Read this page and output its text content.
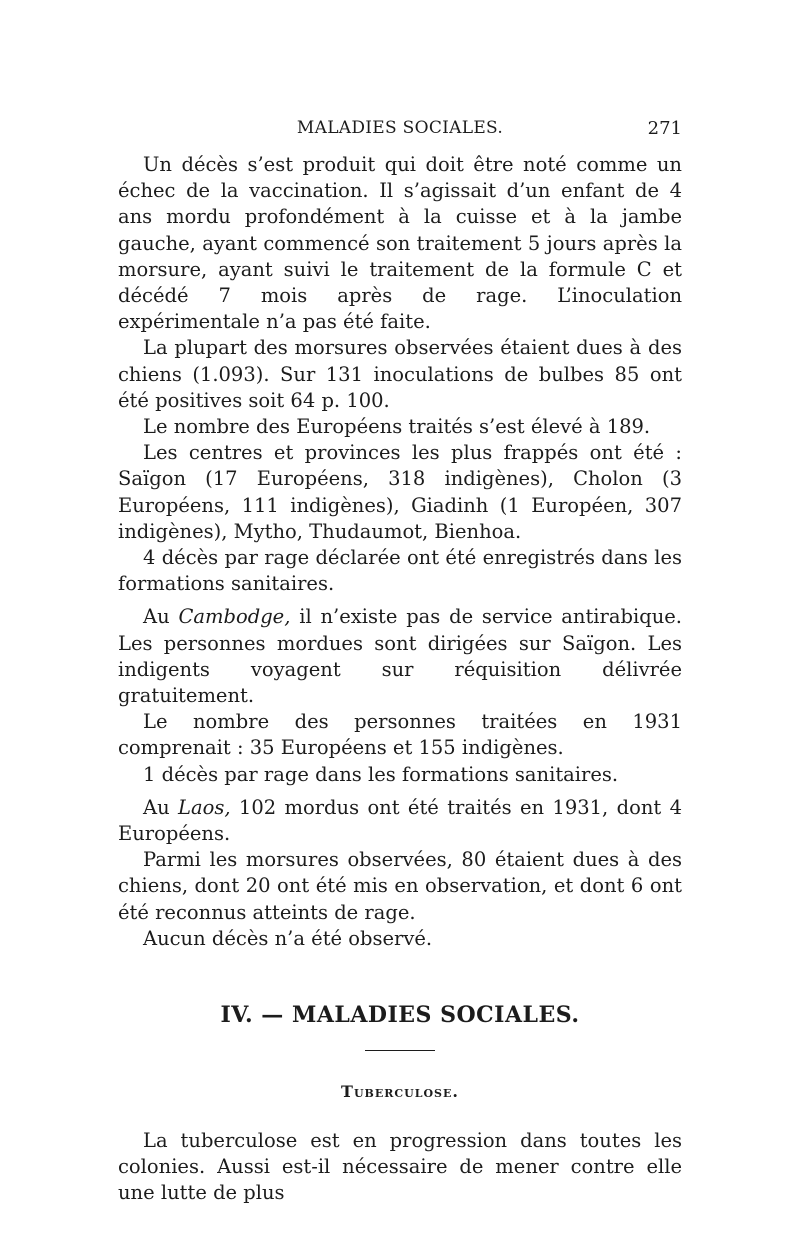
MALADIES SOCIALES.	271

Un décès s’est produit qui doit être noté comme un échec de la vaccination. Il s’agissait d’un enfant de 4 ans mordu profondément à la cuisse et à la jambe gauche, ayant commencé son traitement 5 jours après la morsure, ayant suivi le traitement de la formule C et décédé 7 mois après de rage. L’inoculation expérimentale n’a pas été faite.

La plupart des morsures observées étaient dues à des chiens (1.093). Sur 131 inoculations de bulbes 85 ont été positives soit 64 p. 100.

Le nombre des Européens traités s’est élevé à 189.

Les centres et provinces les plus frappés ont été : Saïgon (17 Européens, 318 indigènes), Cholon (3 Européens, 111 indigènes), Giadinh (1 Européen, 307 indigènes), Mytho, Thudaumot, Bienhoa.

4 décès par rage déclarée ont été enregistrés dans les formations sanitaires.

Au Cambodge, il n’existe pas de service antirabique. Les personnes mordues sont dirigées sur Saïgon. Les indigents voyagent sur réquisition délivrée gratuitement.

Le nombre des personnes traitées en 1931 comprenait : 35 Européens et 155 indigènes.

1 décès par rage dans les formations sanitaires.

Au Laos, 102 mordus ont été traités en 1931, dont 4 Européens.

Parmi les morsures observées, 80 étaient dues à des chiens, dont 20 ont été mis en observation, et dont 6 ont été reconnus atteints de rage.

Aucun décès n’a été observé.

IV. — MALADIES SOCIALES.
Tuberculose.

La tuberculose est en progression dans toutes les colonies. Aussi est-il nécessaire de mener contre elle une lutte de plus
